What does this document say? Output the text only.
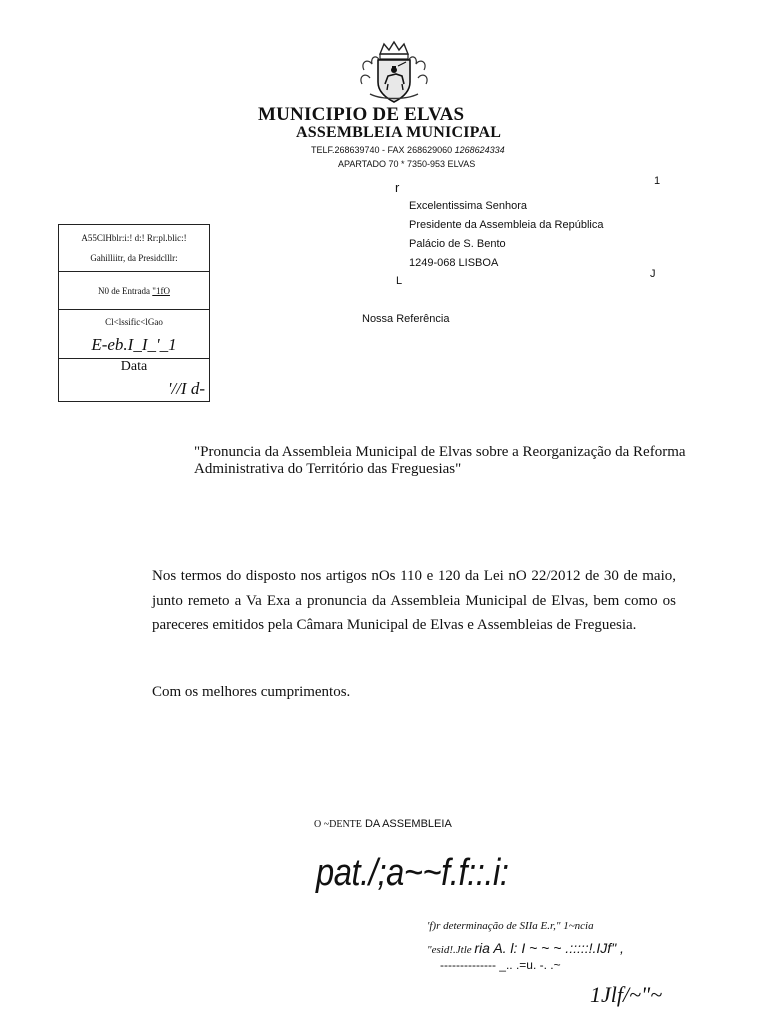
MUNICIPIO DE ELVAS
ASSEMBLEIA MUNICIPAL
TELF.268639740 - FAX 268629060 1268624334
APARTADO 70 * 7350-953 ELVAS
r	1
Excelentissima Senhora
Presidente da Assembleia da República
Palácio de S. Bento
1249-068 LISBOA
L
J
Nossa Referência
A55ClHblr:i:! d:! Rr:pl.blic:!
Gahilliitr, da Presidclllr:
N0 de Entrada "1fO
Cl<lssific<lGao
E-eb.I_I_'_1
Data
'//I d-
"Pronuncia da Assembleia Municipal de Elvas sobre a Reorganização da Reforma Administrativa do Território das Freguesias"
Nos termos do disposto nos artigos nOs 110 e 120 da Lei nO 22/2012 de 30 de maio, junto remeto a Va Exa a pronuncia da Assembleia Municipal de Elvas, bem como os pareceres emitidos pela Câmara Municipal de Elvas e Assembleias de Freguesia.
Com os melhores cumprimentos.
O ~DENTE DA ASSEMBLEIA
pat./;a~~f.f::.i:
'f)r determinação de SIIa E.r," 1~ncia
"esid!.Jtle ria A. l: I ~ ~ ~ .:::::!.IJf" ,
-------------- _.. .=u. -. .~
1Jlf/~"~
